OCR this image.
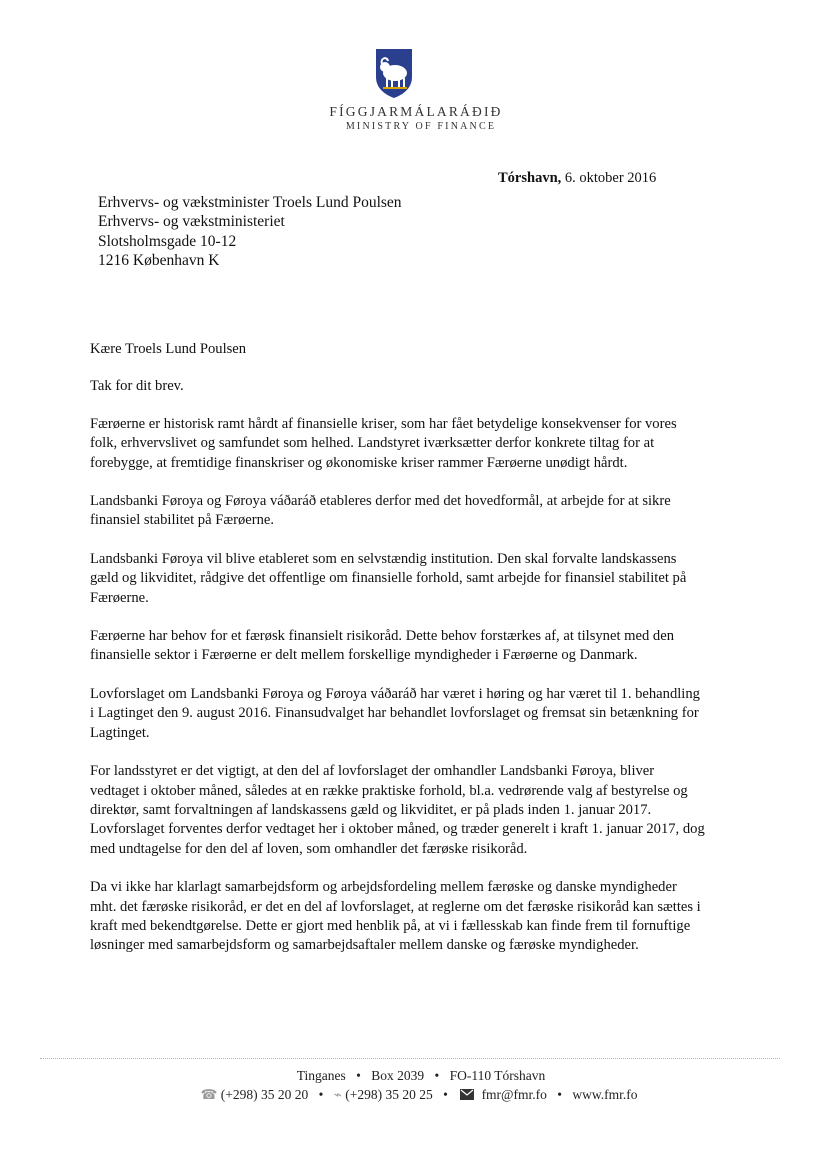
FÍGGJARMÁLARÁÐIÐ
MINISTRY OF FINANCE
Tórshavn, 6. oktober 2016
Erhvervs- og vækstminister Troels Lund Poulsen
Erhvervs- og vækstministeriet
Slotsholmsgade 10-12
1216 København K

Kære Troels Lund Poulsen

Tak for dit brev.

Færøerne er historisk ramt hårdt af finansielle kriser, som har fået betydelige konsekvenser for vores folk, erhvervslivet og samfundet som helhed. Landstyret iværksætter derfor konkrete tiltag for at forebygge, at fremtidige finanskriser og økonomiske kriser rammer Færøerne unødigt hårdt.

Landsbanki Føroya og Føroya váðaráð etableres derfor med det hovedformål, at arbejde for at sikre finansiel stabilitet på Færøerne.

Landsbanki Føroya vil blive etableret som en selvstændig institution. Den skal forvalte landskassens gæld og likviditet, rådgive det offentlige om finansielle forhold, samt arbejde for finansiel stabilitet på Færøerne.

Færøerne har behov for et færøsk finansielt risikoråd. Dette behov forstærkes af, at tilsynet med den finansielle sektor i Færøerne er delt mellem forskellige myndigheder i Færøerne og Danmark.

Lovforslaget om Landsbanki Føroya og Føroya váðaráð har været i høring og har været til 1. behandling i Lagtinget den 9. august 2016. Finansudvalget har behandlet lovforslaget og fremsat sin betænkning for Lagtinget.

For landsstyret er det vigtigt, at den del af lovforslaget der omhandler Landsbanki Føroya, bliver vedtaget i oktober måned, således at en række praktiske forhold, bl.a. vedrørende valg af bestyrelse og direktør, samt forvaltningen af landskassens gæld og likviditet, er på plads inden 1. januar 2017. Lovforslaget forventes derfor vedtaget her i oktober måned, og træder generelt i kraft 1. januar 2017, dog med undtagelse for den del af loven, som omhandler det færøske risikoråd.

Da vi ikke har klarlagt samarbejdsform og arbejdsfordeling mellem færøske og danske myndigheder mht. det færøske risikoråd, er det en del af lovforslaget, at reglerne om det færøske risikoråd kan sættes i kraft med bekendtgørelse. Dette er gjort med henblik på, at vi i fællesskab kan finde frem til fornuftige løsninger med samarbejdsform og samarbejdsaftaler mellem danske og færøske myndigheder.

Tinganes • Box 2039 • FO-110 Tórshavn
☎ (+298) 35 20 20 • ⌁ (+298) 35 20 25 •	fmr@fmr.fo • www.fmr.fo
